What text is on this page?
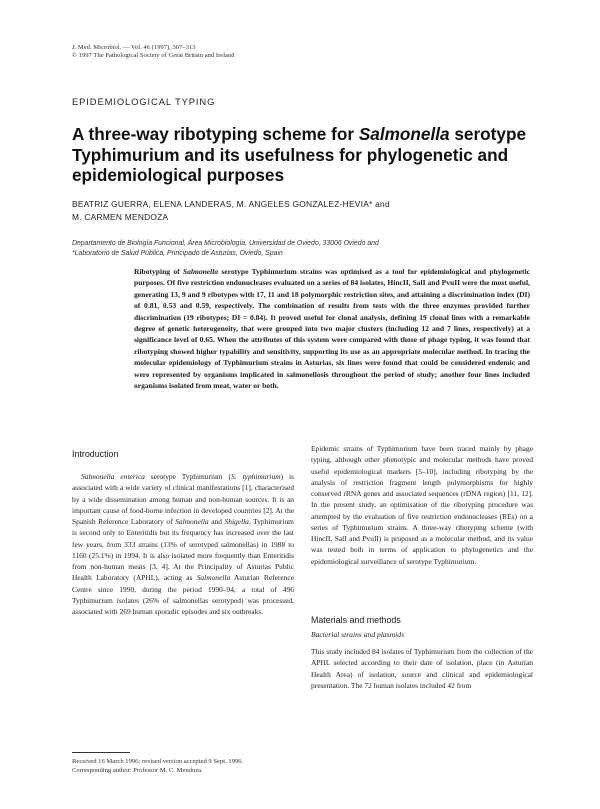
J. Med. Microbiol. — Vol. 46 (1997), 307–313
© 1997 The Pathological Society of Great Britain and Ireland
EPIDEMIOLOGICAL TYPING
A three-way ribotyping scheme for Salmonella serotype Typhimurium and its usefulness for phylogenetic and epidemiological purposes
BEATRIZ GUERRA, ELENA LANDERAS, M. ANGELES GONZALEZ-HEVIA* and
M. CARMEN MENDOZA
Departamento de Biología Funcional, Área Microbiología, Universidad de Oviedo, 33006 Oviedo and
*Laboratorio de Salud Pública, Principado de Asturias, Oviedo, Spain

Ribotyping of Salmonella serotype Typhimurium strains was optimised as a tool for epidemiological and phylogenetic purposes. Of five restriction endonucleases evaluated on a series of 84 isolates, HincII, SalI and PvuII were the most useful, generating 13, 9 and 9 ribotypes with 17, 11 and 18 polymorphic restriction sites, and attaining a discrimination index (DI) of 0.81, 0.53 and 0.59, respectively. The combination of results from tests with the three enzymes provided further discrimination (19 ribotypes; DI = 0.84). It proved useful for clonal analysis, defining 19 clonal lines with a remarkable degree of genetic heterogeneity, that were grouped into two major clusters (including 12 and 7 lines, respectively) at a significance level of 0.65. When the attributes of this system were compared with those of phage typing, it was found that ribotyping showed higher typability and sensitivity, supporting its use as an appropriate molecular method. In tracing the molecular epidemiology of Typhimurium strains in Asturias, six lines were found that could be considered endemic and were represented by organisms implicated in salmonellosis throughout the period of study; another four lines included organisms isolated from meat, water or both.

Introduction

Salmonella enterica serotype Typhimurium (S. typhimurium) is associated with a wide variety of clinical manifestations [1], characterised by a wide dissemination among human and non-human sources. It is an important cause of food-borne infection in developed countries [2]. At the Spanish Reference Laboratory of Salmonella and Shigella, Typhimurium is second only to Enteritidis but its frequency has increased over the last few years, from 333 strains (13% of serotyped salmonellas) in 1988 to 1160 (25.1%) in 1994. It is also isolated more frequently than Enteritidis from non-human meats [3, 4]. At the Principality of Asturias Public Health Laboratory (APHL), acting as Salmonella Asturian Reference Centre since 1990, during the period 1990–94, a total of 496 Typhimurium isolates (26% of salmonellas serotyped) was processed, associated with 269 human sporadic episodes and six outbreaks.

Epidemic strains of Typhimurium have been traced mainly by phage typing, although other phenotypic and molecular methods have proved useful epidemiological markers [5–10], including ribotyping by the analysis of restriction fragment length polymorphisms for highly conserved rRNA genes and associated sequences (rDNA region) [11, 12]. In the present study, an optimisation of the ribotyping procedure was attempted by the evaluation of five restriction endonucleases (REs) on a series of Typhimurium strains. A three-way ribotyping scheme (with HincII, SalI and PvuII) is proposed as a molecular method, and its value was tested both in terms of application to phylogenetics and the epidemiological surveillance of serotype Typhimurium.

Materials and methods
Bacterial strains and plasmids

This study included 84 isolates of Typhimurium from the collection of the APHL selected according to their date of isolation, place (in Asturian Health Area) of isolation, source and clinical and epidemiological presentation. The 72 human isolates included 42 from

Received 16 March 1996; revised version accepted 9 Sept. 1996.
Corresponding author: Professor M. C. Mendoza.
